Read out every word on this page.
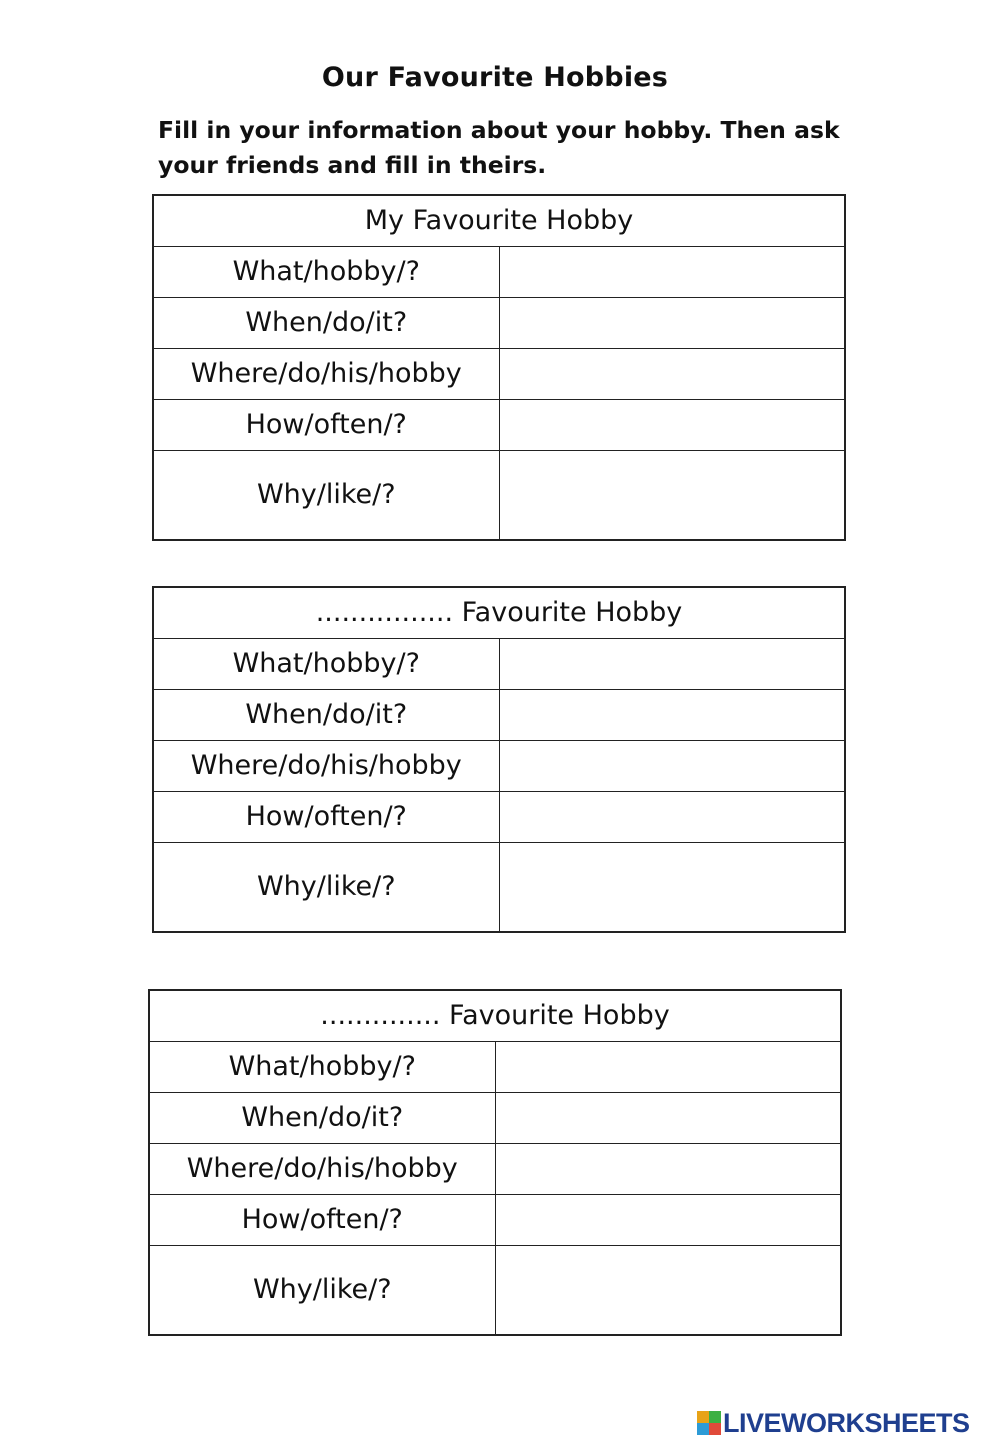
Our Favourite Hobbies
Fill in your information about your hobby. Then ask your friends and fill in theirs.
My Favourite Hobby	
What/hobby/?	
When/do/it?	
Where/do/his/hobby	
How/often/?	
Why/like/?	
................ Favourite Hobby	
What/hobby/?	
When/do/it?	
Where/do/his/hobby	
How/often/?	
Why/like/?	
.............. Favourite Hobby	
What/hobby/?	
When/do/it?	
Where/do/his/hobby	
How/often/?	
Why/like/?	
LIVEWORKSHEETS
